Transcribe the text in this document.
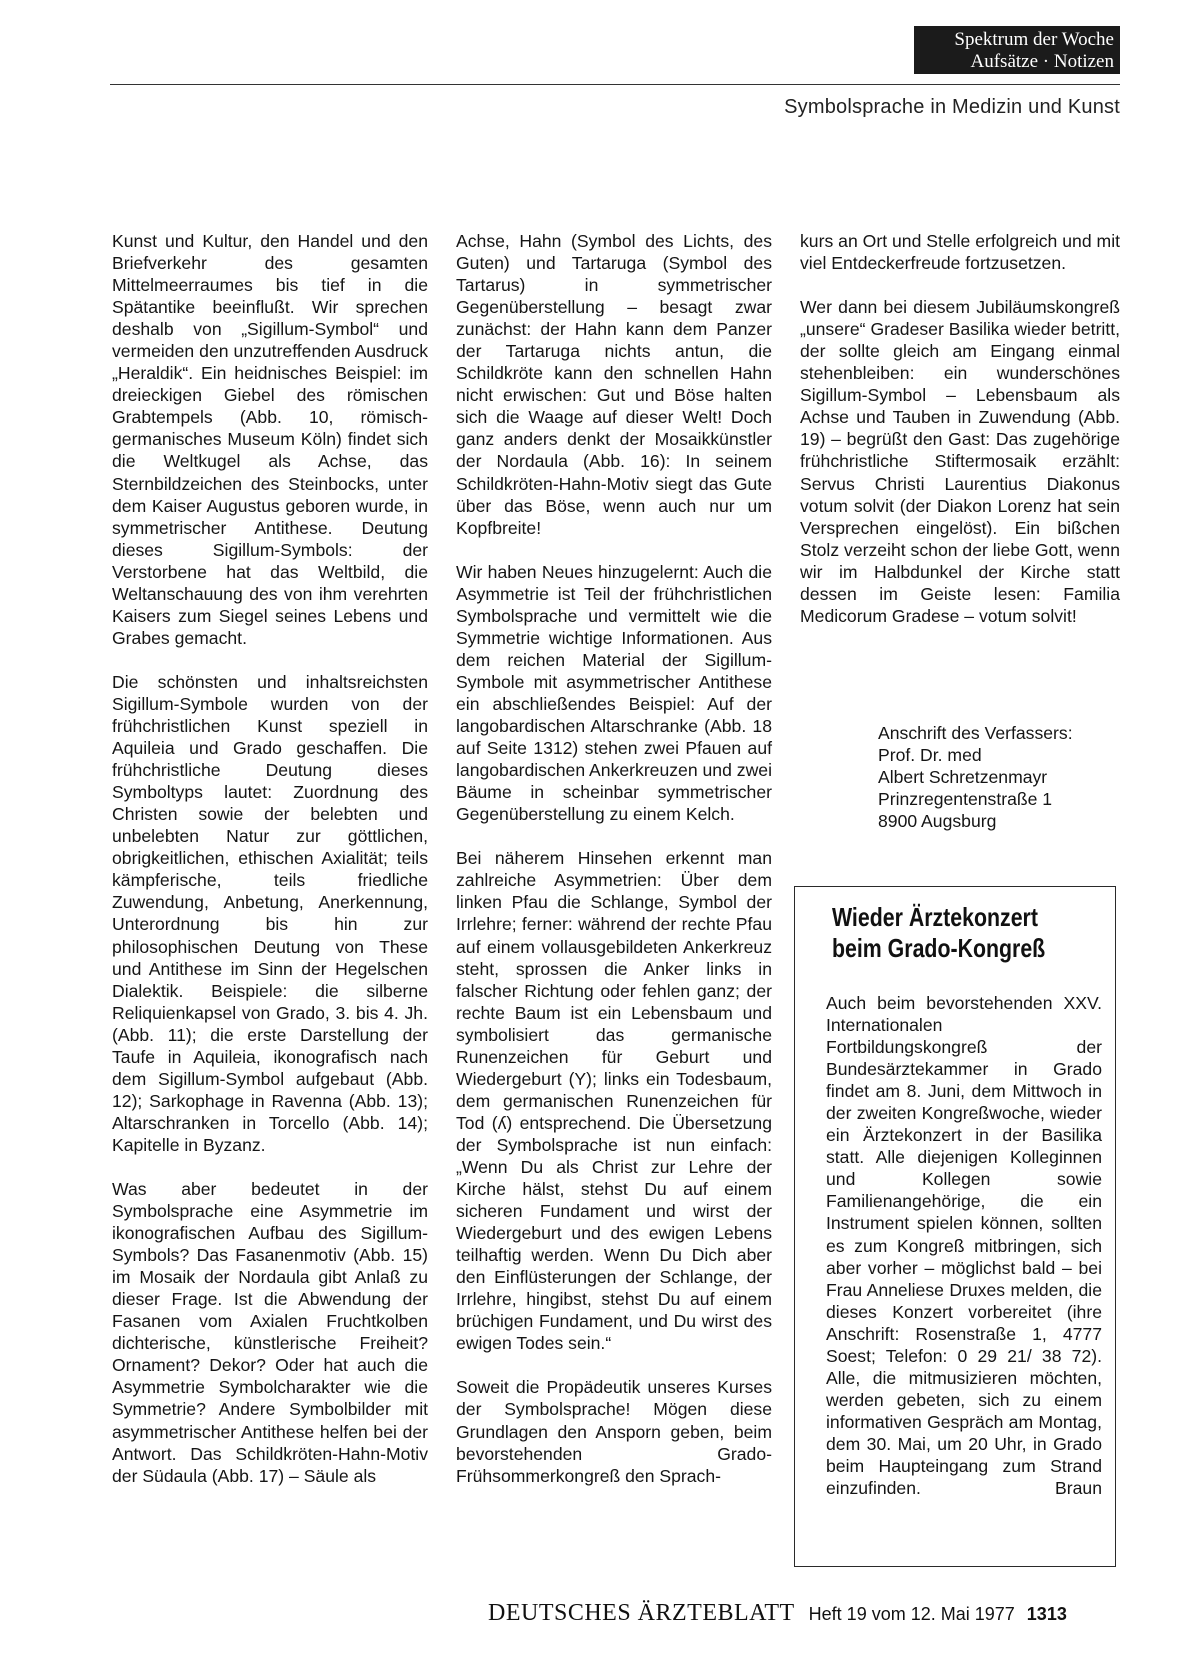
Spektrum der Woche
Aufsätze · Notizen
Symbolsprache in Medizin und Kunst

Kunst und Kultur, den Handel und den Briefverkehr des gesamten Mittelmeerraumes bis tief in die Spätantike beeinflußt. Wir sprechen deshalb von „Sigillum-Symbol“ und vermeiden den unzutreffenden Ausdruck „Heraldik“. Ein heidnisches Beispiel: im dreieckigen Giebel des römischen Grabtempels (Abb. 10, römisch-germanisches Museum Köln) findet sich die Weltkugel als Achse, das Sternbildzeichen des Steinbocks, unter dem Kaiser Augustus geboren wurde, in symmetrischer Antithese. Deutung dieses Sigillum-Symbols: der Verstorbene hat das Weltbild, die Weltanschauung des von ihm verehrten Kaisers zum Siegel seines Lebens und Grabes gemacht.

Die schönsten und inhaltsreichsten Sigillum-Symbole wurden von der frühchristlichen Kunst speziell in Aquileia und Grado geschaffen. Die frühchristliche Deutung dieses Symboltyps lautet: Zuordnung des Christen sowie der belebten und unbelebten Natur zur göttlichen, obrigkeitlichen, ethischen Axialität; teils kämpferische, teils friedliche Zuwendung, Anbetung, Anerkennung, Unterordnung bis hin zur philosophischen Deutung von These und Antithese im Sinn der Hegelschen Dialektik. Beispiele: die silberne Reliquienkapsel von Grado, 3. bis 4. Jh. (Abb. 11); die erste Darstellung der Taufe in Aquileia, ikonografisch nach dem Sigillum-Symbol aufgebaut (Abb. 12); Sarkophage in Ravenna (Abb. 13); Altarschranken in Torcello (Abb. 14); Kapitelle in Byzanz.

Was aber bedeutet in der Symbolsprache eine Asymmetrie im ikonografischen Aufbau des Sigillum-Symbols? Das Fasanenmotiv (Abb. 15) im Mosaik der Nordaula gibt Anlaß zu dieser Frage. Ist die Abwendung der Fasanen vom Axialen Fruchtkolben dichterische, künstlerische Freiheit? Ornament? Dekor? Oder hat auch die Asymmetrie Symbolcharakter wie die Symmetrie? Andere Symbolbilder mit asymmetrischer Antithese helfen bei der Antwort. Das Schildkröten-Hahn-Motiv der Südaula (Abb. 17) – Säule als

Achse, Hahn (Symbol des Lichts, des Guten) und Tartaruga (Symbol des Tartarus) in symmetrischer Gegenüberstellung – besagt zwar zunächst: der Hahn kann dem Panzer der Tartaruga nichts antun, die Schildkröte kann den schnellen Hahn nicht erwischen: Gut und Böse halten sich die Waage auf dieser Welt! Doch ganz anders denkt der Mosaikkünstler der Nordaula (Abb. 16): In seinem Schildkröten-Hahn-Motiv siegt das Gute über das Böse, wenn auch nur um Kopfbreite!

Wir haben Neues hinzugelernt: Auch die Asymmetrie ist Teil der frühchristlichen Symbolsprache und vermittelt wie die Symmetrie wichtige Informationen. Aus dem reichen Material der Sigillum-Symbole mit asymmetrischer Antithese ein abschließendes Beispiel: Auf der langobardischen Altarschranke (Abb. 18 auf Seite 1312) stehen zwei Pfauen auf langobardischen Ankerkreuzen und zwei Bäume in scheinbar symmetrischer Gegenüberstellung zu einem Kelch.

Bei näherem Hinsehen erkennt man zahlreiche Asymmetrien: Über dem linken Pfau die Schlange, Symbol der Irrlehre; ferner: während der rechte Pfau auf einem vollausgebildeten Ankerkreuz steht, sprossen die Anker links in falscher Richtung oder fehlen ganz; der rechte Baum ist ein Lebensbaum und symbolisiert das germanische Runenzeichen für Geburt und Wiedergeburt (Y); links ein Todesbaum, dem germanischen Runenzeichen für Tod (ʎ) entsprechend. Die Übersetzung der Symbolsprache ist nun einfach: „Wenn Du als Christ zur Lehre der Kirche hälst, stehst Du auf einem sicheren Fundament und wirst der Wiedergeburt und des ewigen Lebens teilhaftig werden. Wenn Du Dich aber den Einflüsterungen der Schlange, der Irrlehre, hingibst, stehst Du auf einem brüchigen Fundament, und Du wirst des ewigen Todes sein.“

Soweit die Propädeutik unseres Kurses der Symbolsprache! Mögen diese Grundlagen den Ansporn geben, beim bevorstehenden Grado-Frühsommerkongreß den Sprach-

kurs an Ort und Stelle erfolgreich und mit viel Entdeckerfreude fortzusetzen.

Wer dann bei diesem Jubiläumskongreß „unsere“ Gradeser Basilika wieder betritt, der sollte gleich am Eingang einmal stehenbleiben: ein wunderschönes Sigillum-Symbol – Lebensbaum als Achse und Tauben in Zuwendung (Abb. 19) – begrüßt den Gast: Das zugehörige frühchristliche Stiftermosaik erzählt: Servus Christi Laurentius Diakonus votum solvit (der Diakon Lorenz hat sein Versprechen eingelöst). Ein bißchen Stolz verzeiht schon der liebe Gott, wenn wir im Halbdunkel der Kirche statt dessen im Geiste lesen: Familia Medicorum Gradese – votum solvit!

Anschrift des Verfassers:
Prof. Dr. med
Albert Schretzenmayr
Prinzregentenstraße 1
8900 Augsburg
Wieder Ärztekonzert
beim Grado-Kongreß
Auch beim bevorstehenden XXV. Internationalen Fortbildungskongreß der Bundesärztekammer in Grado findet am 8. Juni, dem Mittwoch in der zweiten Kongreßwoche, wieder ein Ärztekonzert in der Basilika statt. Alle diejenigen Kolleginnen und Kollegen sowie Familienangehörige, die ein Instrument spielen können, sollten es zum Kongreß mitbringen, sich aber vorher – möglichst bald – bei Frau Anneliese Druxes melden, die dieses Konzert vorbereitet (ihre Anschrift: Rosenstraße 1, 4777 Soest; Telefon: 0 29 21/ 38 72). Alle, die mitmusizieren möchten, werden gebeten, sich zu einem informativen Gespräch am Montag, dem 30. Mai, um 20 Uhr, in Grado beim Haupteingang zum Strand einzufinden.	Braun
DEUTSCHES ÄRZTEBLATT Heft 19 vom 12. Mai 1977 1313
